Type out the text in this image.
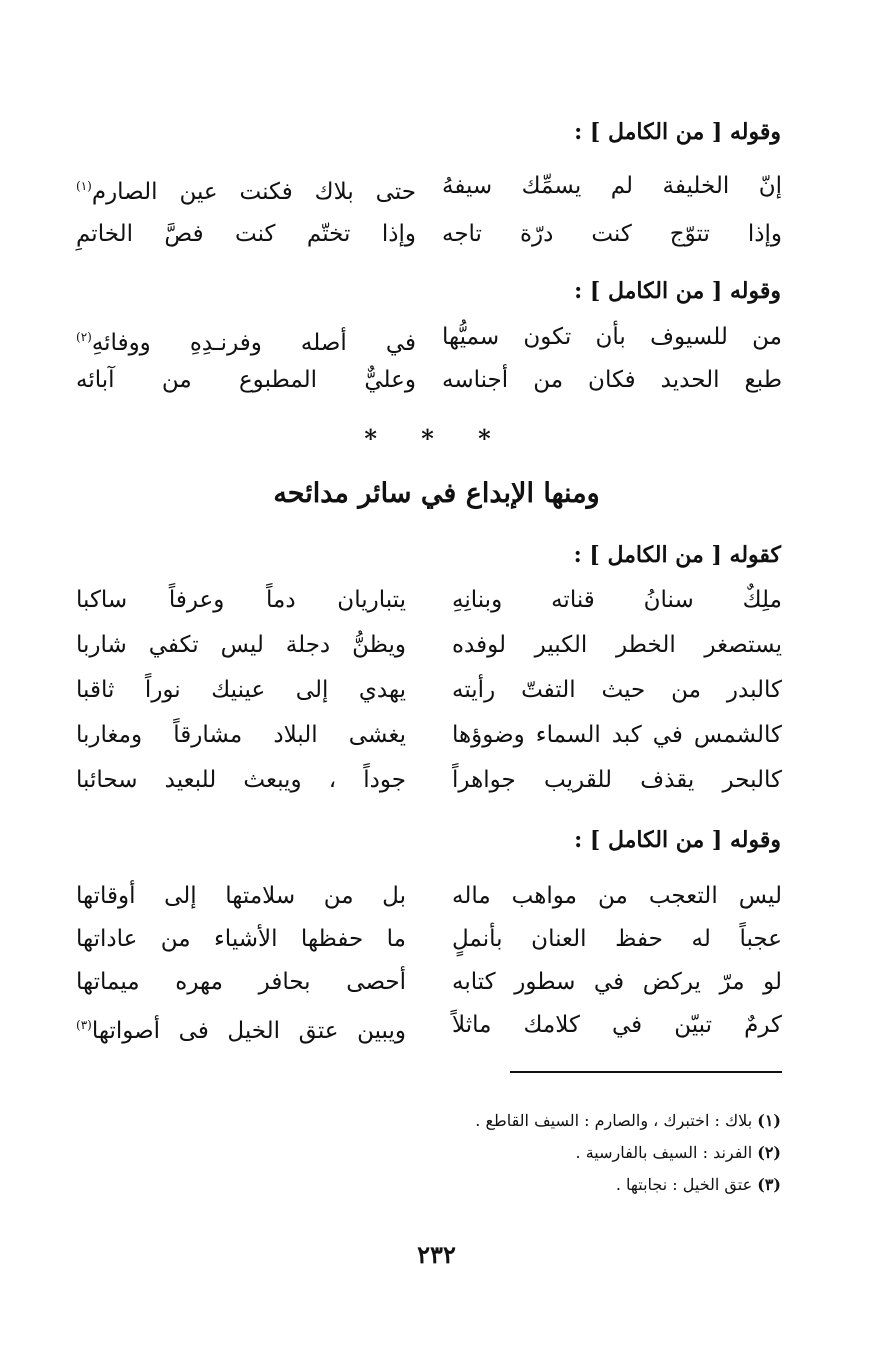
وقوله [ من الكامل ] :
إنّ الخليفة لم يسمِّك سيفهُ
حتى بلاك فكنت عين الصارم$^{(١)}$
وإذا تتوّج كنت درّة تاجه
وإذا تختّم كنت فصَّ الخاتمِ
وقوله [ من الكامل ] :
من للسيوف بأن تكون سميُّها
في أصله وفرنـدِهِ ووفائهِ$^{(٢)}$
طبع الحديد فكان من أجناسه
وعليٌّ المطبوع من آبائه
* * *
ومنها الإبداع في سائر مدائحه
كقوله [ من الكامل ] :
ملِكٌ سنانُ قناته وبنانِهِ
يتباريان دماً وعرفاً ساكبا
يستصغر الخطر الكبير لوفده
ويظنُّ دجلة ليس تكفي شاربا
كالبدر من حيث التفتّ رأيته
يهدي إلى عينيك نوراً ثاقبا
كالشمس في كبد السماء وضوؤها
يغشى البلاد مشارقاً ومغاربا
كالبحر يقذف للقريب جواهراً
جوداً ، ويبعث للبعيد سحائبا
وقوله [ من الكامل ] :
ليس التعجب من مواهب ماله
بل من سلامتها إلى أوقاتها
عجباً له حفظ العنان بأنملٍ
ما حفظها الأشياء من عاداتها
لو مرّ يركض في سطور كتابه
أحصى بحافر مهره ميماتها
كرمٌ تبيّن في كلامك ماثلاً
ويبين عتق الخيل فى أصواتها$^{(٣)}$
(١) بلاك : اختبرك ، والصارم : السيف القاطع .
(٢) الفرند : السيف بالفارسية .
(٣) عتق الخيل : نجابتها .
٢٣٢
